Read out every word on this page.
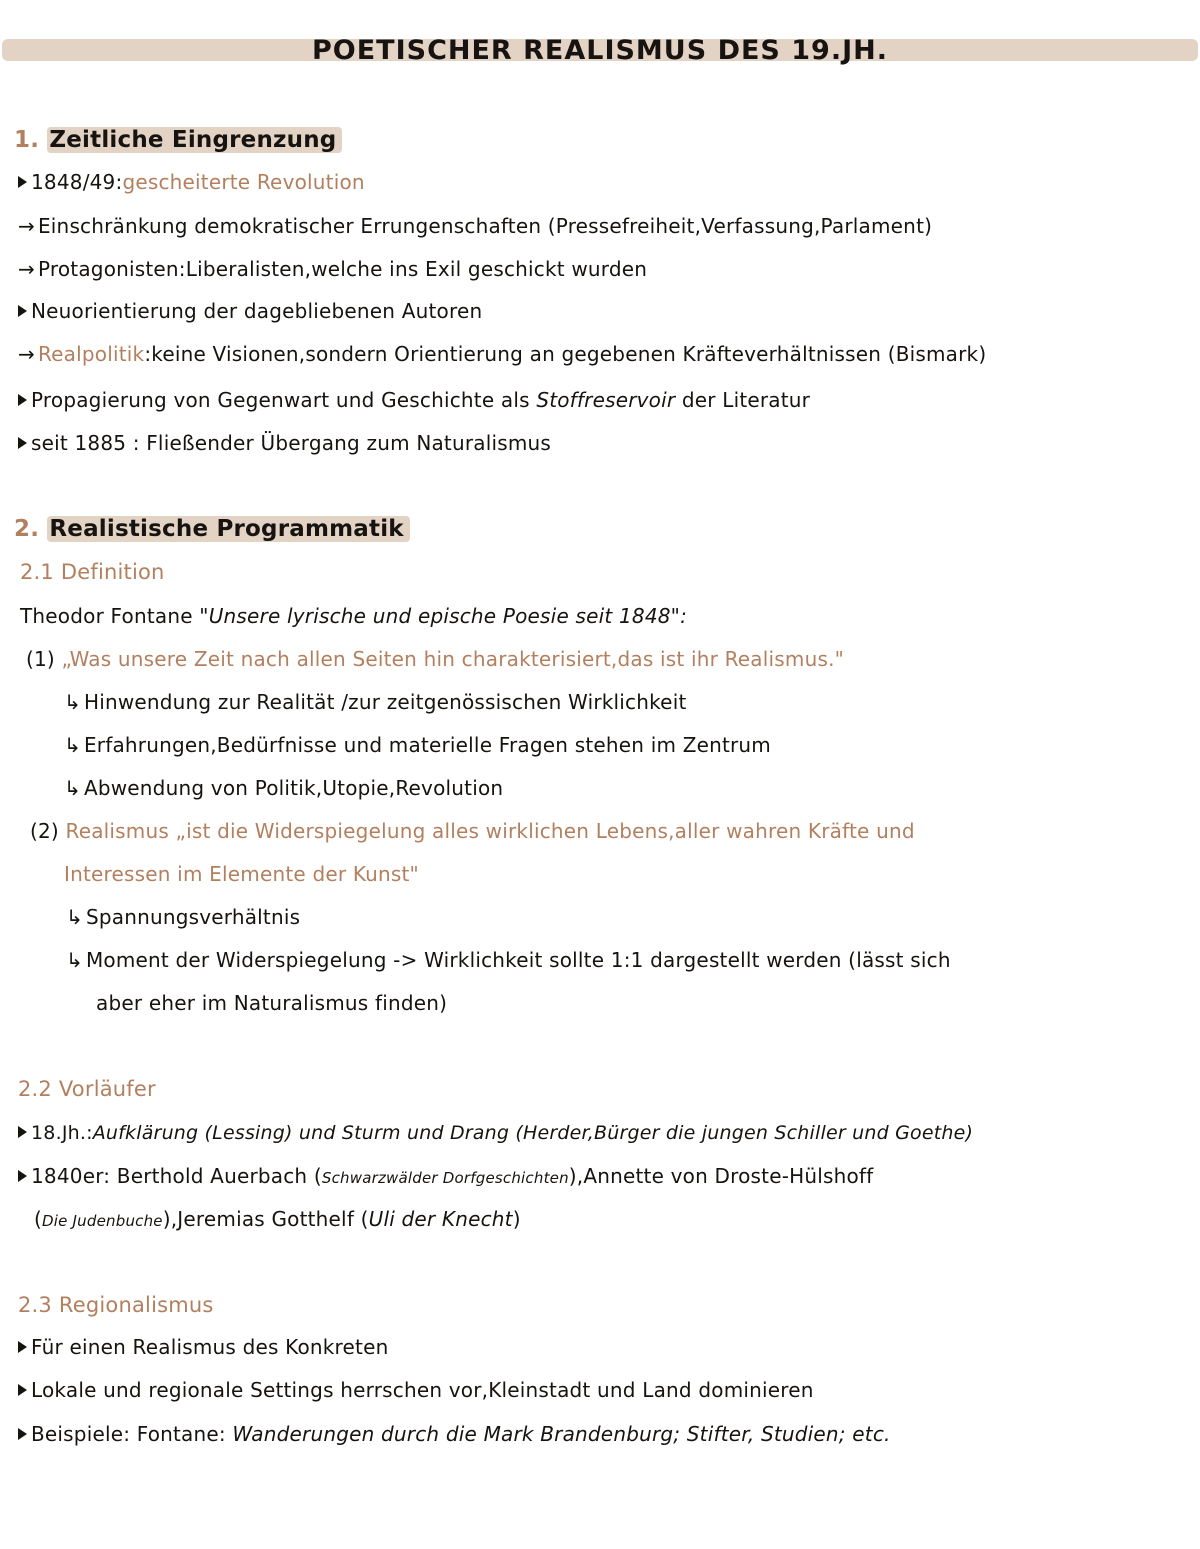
POETISCHER REALISMUS DES 19.JH.
1. Zeitliche Eingrenzung
1848/49:gescheiterte Revolution
→ Einschränkung demokratischer Errungenschaften (Pressefreiheit,Verfassung,Parlament)
→ Protagonisten:Liberalisten,welche ins Exil geschickt wurden
Neuorientierung der dagebliebenen Autoren
→ Realpolitik:keine Visionen,sondern Orientierung an gegebenen Kräfteverhältnissen (Bismark)
Propagierung von Gegenwart und Geschichte als Stoffreservoir der Literatur
seit 1885 : Fließender Übergang zum Naturalismus
2. Realistische Programmatik
2.1 Definition
Theodor Fontane "Unsere lyrische und epische Poesie seit 1848":
(1) „Was unsere Zeit nach allen Seiten hin charakterisiert,das ist ihr Realismus."
↳ Hinwendung zur Realität /zur zeitgenössischen Wirklichkeit
↳ Erfahrungen,Bedürfnisse und materielle Fragen stehen im Zentrum
↳ Abwendung von Politik,Utopie,Revolution
(2) Realismus „ist die Widerspiegelung alles wirklichen Lebens,aller wahren Kräfte und
Interessen im Elemente der Kunst"
↳ Spannungsverhältnis
↳ Moment der Widerspiegelung -> Wirklichkeit sollte 1:1 dargestellt werden (lässt sich
aber eher im Naturalismus finden)
2.2 Vorläufer
18.Jh.:Aufklärung (Lessing) und Sturm und Drang (Herder,Bürger die jungen Schiller und Goethe)
1840er: Berthold Auerbach (Schwarzwälder Dorfgeschichten),Annette von Droste-Hülshoff
(Die Judenbuche),Jeremias Gotthelf (Uli der Knecht)
2.3 Regionalismus
Für einen Realismus des Konkreten
Lokale und regionale Settings herrschen vor,Kleinstadt und Land dominieren
Beispiele: Fontane: Wanderungen durch die Mark Brandenburg; Stifter, Studien; etc.
